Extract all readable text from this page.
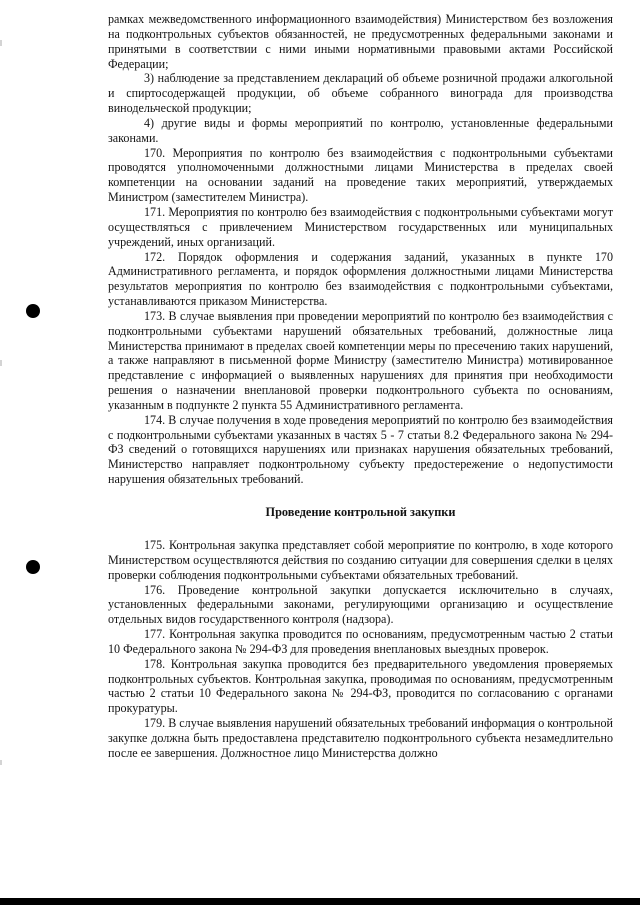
рамках межведомственного информационного взаимодействия) Министерством без возложения на подконтрольных субъектов обязанностей, не предусмотренных федеральными законами и принятыми в соответствии с ними иными нормативными правовыми актами Российской Федерации;

3) наблюдение за представлением деклараций об объеме розничной продажи алкогольной и спиртосодержащей продукции, об объеме собранного винограда для производства винодельческой продукции;

4) другие виды и формы мероприятий по контролю, установленные федеральными законами.

170. Мероприятия по контролю без взаимодействия с подконтрольными субъектами проводятся уполномоченными должностными лицами Министерства в пределах своей компетенции на основании заданий на проведение таких мероприятий, утверждаемых Министром (заместителем Министра).

171. Мероприятия по контролю без взаимодействия с подконтрольными субъектами могут осуществляться с привлечением Министерством государственных или муниципальных учреждений, иных организаций.

172. Порядок оформления и содержания заданий, указанных в пункте 170 Административного регламента, и порядок оформления должностными лицами Министерства результатов мероприятия по контролю без взаимодействия с подконтрольными субъектами, устанавливаются приказом Министерства.

173. В случае выявления при проведении мероприятий по контролю без взаимодействия с подконтрольными субъектами нарушений обязательных требований, должностные лица Министерства принимают в пределах своей компетенции меры по пресечению таких нарушений, а также направляют в письменной форме Министру (заместителю Министра) мотивированное представление с информацией о выявленных нарушениях для принятия при необходимости решения о назначении внеплановой проверки подконтрольного субъекта по основаниям, указанным в подпункте 2 пункта 55 Административного регламента.

174. В случае получения в ходе проведения мероприятий по контролю без взаимодействия с подконтрольными субъектами указанных в частях 5 - 7 статьи 8.2 Федерального закона № 294-ФЗ сведений о готовящихся нарушениях или признаках нарушения обязательных требований, Министерство направляет подконтрольному субъекту предостережение о недопустимости нарушения обязательных требований.

Проведение контрольной закупки

175. Контрольная закупка представляет собой мероприятие по контролю, в ходе которого Министерством осуществляются действия по созданию ситуации для совершения сделки в целях проверки соблюдения подконтрольными субъектами обязательных требований.

176. Проведение контрольной закупки допускается исключительно в случаях, установленных федеральными законами, регулирующими организацию и осуществление отдельных видов государственного контроля (надзора).

177. Контрольная закупка проводится по основаниям, предусмотренным частью 2 статьи 10 Федерального закона № 294-ФЗ для проведения внеплановых выездных проверок.

178. Контрольная закупка проводится без предварительного уведомления проверяемых подконтрольных субъектов. Контрольная закупка, проводимая по основаниям, предусмотренным частью 2 статьи 10 Федерального закона № 294-ФЗ, проводится по согласованию с органами прокуратуры.

179. В случае выявления нарушений обязательных требований информация о контрольной закупке должна быть предоставлена представителю подконтрольного субъекта незамедлительно после ее завершения. Должностное лицо Министерства должно
